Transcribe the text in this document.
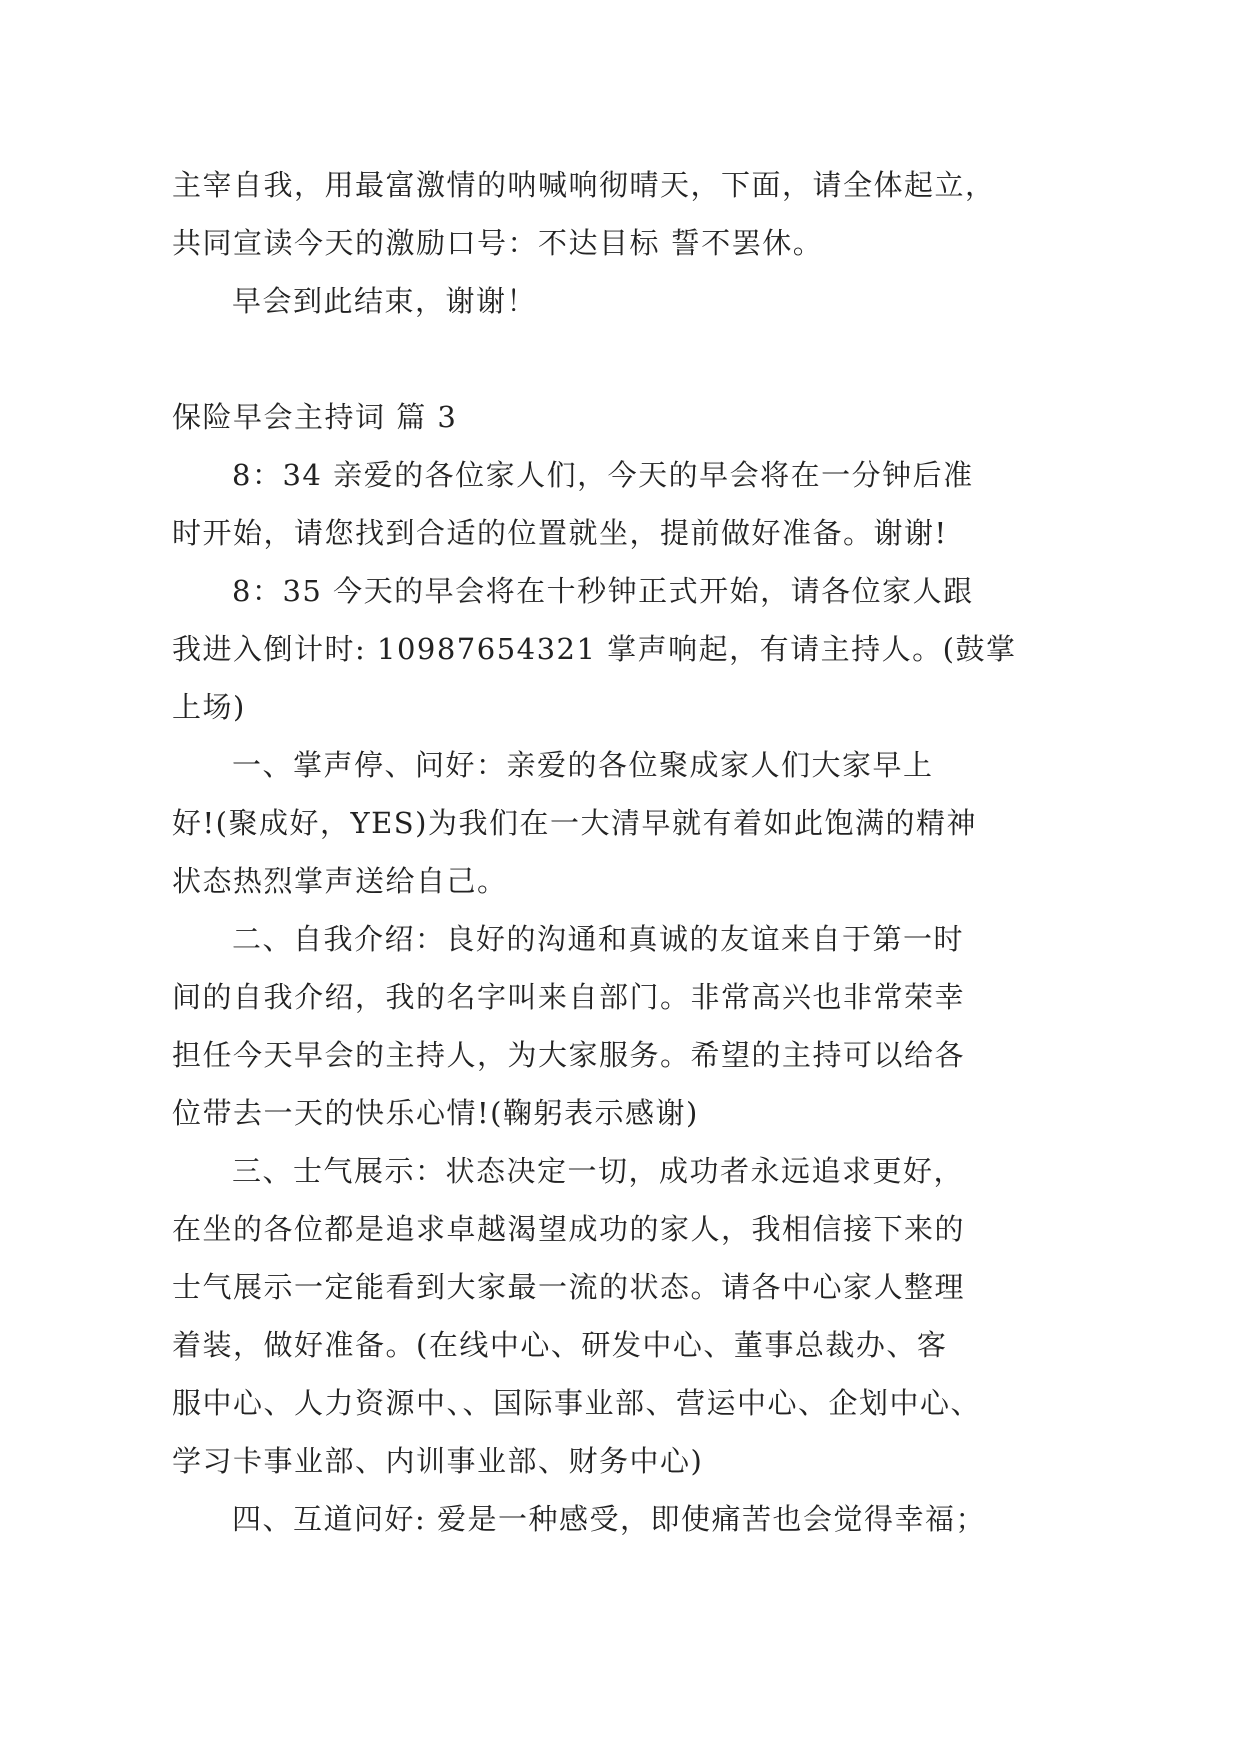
主宰自我，用最富激情的呐喊响彻晴天，下面，请全体起立，
共同宣读今天的激励口号：不达目标 誓不罢休。
早会到此结束，谢谢！
保险早会主持词 篇 3
8：34 亲爱的各位家人们，今天的早会将在一分钟后准
时开始，请您找到合适的位置就坐，提前做好准备。谢谢!
8：35 今天的早会将在十秒钟正式开始，请各位家人跟
我进入倒计时: 10987654321 掌声响起，有请主持人。(鼓掌
上场)
一、掌声停、问好：亲爱的各位聚成家人们大家早上
好!(聚成好，YES)为我们在一大清早就有着如此饱满的精神
状态热烈掌声送给自己。
二、自我介绍：良好的沟通和真诚的友谊来自于第一时
间的自我介绍，我的名字叫来自部门。非常高兴也非常荣幸
担任今天早会的主持人，为大家服务。希望的主持可以给各
位带去一天的快乐心情!(鞠躬表示感谢)
三、士气展示：状态决定一切，成功者永远追求更好，
在坐的各位都是追求卓越渴望成功的家人，我相信接下来的
士气展示一定能看到大家最一流的状态。请各中心家人整理
着装，做好准备。(在线中心、研发中心、董事总裁办、客
服中心、人力资源中、、国际事业部、营运中心、企划中心、
学习卡事业部、内训事业部、财务中心)
四、互道问好: 爱是一种感受，即使痛苦也会觉得幸福；
